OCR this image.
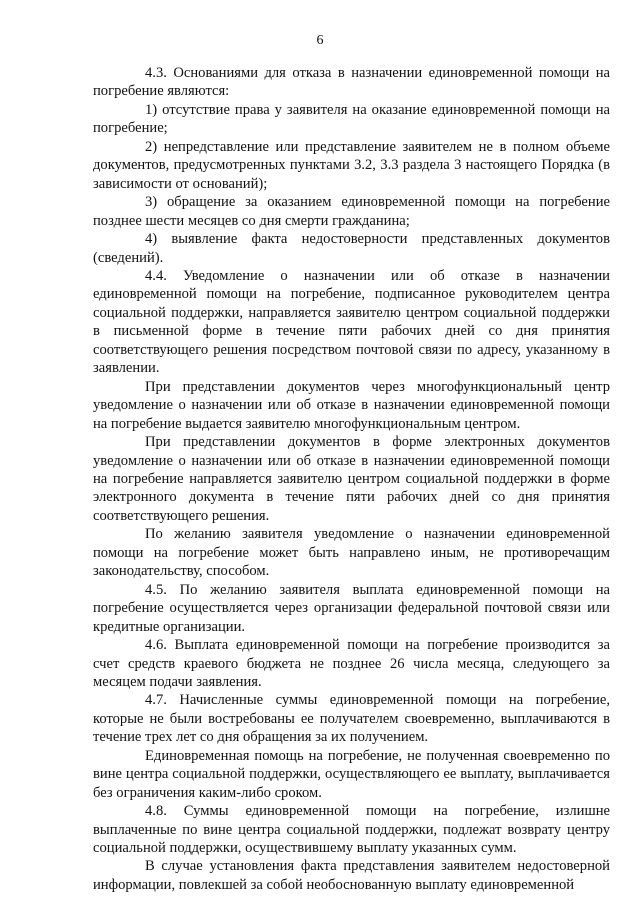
6

4.3. Основаниями для отказа в назначении единовременной помощи на погребение являются:

1) отсутствие права у заявителя на оказание единовременной помощи на погребение;

2) непредставление или представление заявителем не в полном объеме документов, предусмотренных пунктами 3.2, 3.3 раздела 3 настоящего Порядка (в зависимости от оснований);

3) обращение за оказанием единовременной помощи на погребение позднее шести месяцев со дня смерти гражданина;

4) выявление факта недостоверности представленных документов (сведений).

4.4. Уведомление о назначении или об отказе в назначении единовременной помощи на погребение, подписанное руководителем центра социальной поддержки, направляется заявителю центром социальной поддержки в письменной форме в течение пяти рабочих дней со дня принятия соответствующего решения посредством почтовой связи по адресу, указанному в заявлении.

При представлении документов через многофункциональный центр уведомление о назначении или об отказе в назначении единовременной помощи на погребение выдается заявителю многофункциональным центром.

При представлении документов в форме электронных документов уведомление о назначении или об отказе в назначении единовременной помощи на погребение направляется заявителю центром социальной поддержки в форме электронного документа в течение пяти рабочих дней со дня принятия соответствующего решения.

По желанию заявителя уведомление о назначении единовременной помощи на погребение может быть направлено иным, не противоречащим законодательству, способом.

4.5. По желанию заявителя выплата единовременной помощи на погребение осуществляется через организации федеральной почтовой связи или кредитные организации.

4.6. Выплата единовременной помощи на погребение производится за счет средств краевого бюджета не позднее 26 числа месяца, следующего за месяцем подачи заявления.

4.7. Начисленные суммы единовременной помощи на погребение, которые не были востребованы ее получателем своевременно, выплачиваются в течение трех лет со дня обращения за их получением.

Единовременная помощь на погребение, не полученная своевременно по вине центра социальной поддержки, осуществляющего ее выплату, выплачивается без ограничения каким-либо сроком.

4.8. Суммы единовременной помощи на погребение, излишне выплаченные по вине центра социальной поддержки, подлежат возврату центру социальной поддержки, осуществившему выплату указанных сумм.

В случае установления факта представления заявителем недостоверной информации, повлекшей за собой необоснованную выплату единовременной
